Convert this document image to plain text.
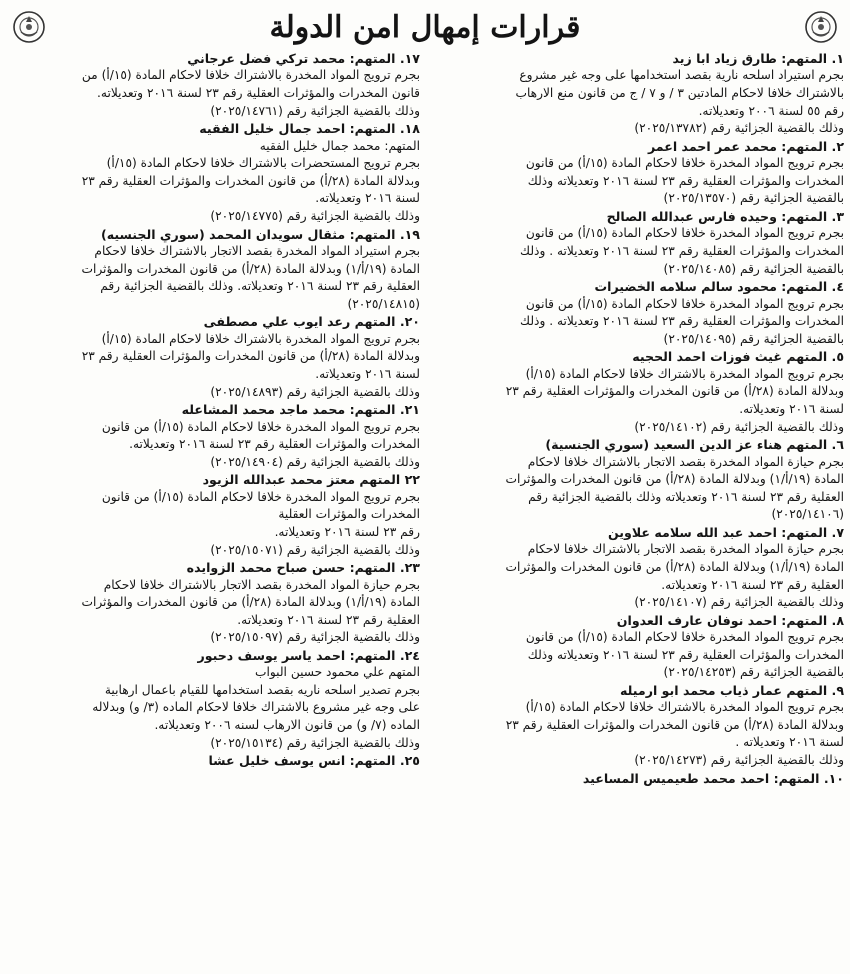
قرارات إمهال امن الدولة
١. المتهم: طارق زياد ابا زيد
بجرم استيراد اسلحه نارية بقصد استخدامها على وجه غير مشروع
بالاشتراك خلافا لاحكام المادتين ٣ / و ٧ / ج من قانون منع الارهاب
رقم ٥٥ لسنة ٢٠٠٦ وتعديلاته.
وذلك بالقضية الجزائية رقم (٢٠٢٥/١٣٧٨٢)
٢. المتهم: محمد عمر احمد اعمر
بجرم ترويج المواد المخدرة خلافا لاحكام المادة (١٥/أ) من قانون
المخدرات والمؤثرات العقلية رقم ٢٣ لسنة ٢٠١٦ وتعديلاته وذلك
بالقضية الجزائية رقم (٢٠٢٥/١٣٥٧٠)
٣. المتهم: وحيده فارس عبدالله الصالح
بجرم ترويج المواد المخدرة خلافا لاحكام المادة (١٥/أ) من قانون
المخدرات والمؤثرات العقلية رقم ٢٣ لسنة ٢٠١٦ وتعديلاته . وذلك
بالقضية الجزائية رقم (٢٠٢٥/١٤٠٨٥)
٤. المتهم: محمود سالم سلامه الخضيرات
بجرم ترويج المواد المخدرة خلافا لاحكام المادة (١٥/أ) من قانون
المخدرات والمؤثرات العقلية رقم ٢٣ لسنة ٢٠١٦ وتعديلاته . وذلك
بالقضية الجزائية رقم (٢٠٢٥/١٤٠٩٥)
٥. المتهم غيث فوزات احمد الحجيه
بجرم ترويج المواد المخدرة بالاشتراك خلافا لاحكام المادة (١٥/أ)
وبدلالة المادة (٢٨/أ) من قانون المخدرات والمؤثرات العقلية رقم ٢٣
لسنة ٢٠١٦ وتعديلاته.
وذلك بالقضية الجزائية رقم (٢٠٢٥/١٤١٠٢)
٦. المتهم هناء عز الدين السعيد (سوري الجنسية)
بجرم حيازة المواد المخدرة بقصد الاتجار بالاشتراك خلافا لاحكام
المادة (١٩/أ/١) وبدلالة المادة (٢٨/أ) من قانون المخدرات والمؤثرات
العقلية رقم ٢٣ لسنة ٢٠١٦ وتعديلاته وذلك بالقضية الجزائية رقم
(٢٠٢٥/١٤١٠٦)
٧. المتهم: احمد عبد الله سلامه علاوين
بجرم حيازة المواد المخدرة بقصد الاتجار بالاشتراك خلافا لاحكام
المادة (١٩/أ/١) وبدلالة المادة (٢٨/أ) من قانون المخدرات والمؤثرات
العقلية رقم ٢٣ لسنة ٢٠١٦ وتعديلاته.
وذلك بالقضية الجزائية رقم (٢٠٢٥/١٤١٠٧)
٨. المتهم: احمد نوفان عارف العدوان
بجرم ترويج المواد المخدرة خلافا لاحكام المادة (١٥/أ) من قانون
المخدرات والمؤثرات العقلية رقم ٢٣ لسنة ٢٠١٦ وتعديلاته وذلك
بالقضية الجزائية رقم (٢٠٢٥/١٤٢٥٣)
٩. المتهم عمار ذياب محمد ابو ارميله
بجرم ترويج المواد المخدرة بالاشتراك خلافا لاحكام المادة (١٥/أ)
وبدلالة المادة (٢٨/أ) من قانون المخدرات والمؤثرات العقلية رقم ٢٣
لسنة ٢٠١٦ وتعديلاته .
وذلك بالقضية الجزائية رقم (٢٠٢٥/١٤٢٧٣)
١٠. المتهم: احمد محمد طعيميس المساعيد
١٧. المتهم: محمد تركي فضل عرجاني
بجرم ترويج المواد المخدرة بالاشتراك خلافا لاحكام المادة (١٥/أ) من
قانون المخدرات والمؤثرات العقلية رقم ٢٣ لسنة ٢٠١٦ وتعديلاته.
وذلك بالقضية الجزائية رقم (٢٠٢٥/١٤٧٦١)
١٨. المتهم: احمد جمال خليل الفقيه
المتهم: محمد جمال خليل الفقيه
بجرم ترويج المستحضرات بالاشتراك خلافا لاحكام المادة (١٥/أ)
وبدلالة المادة (٢٨/أ) من قانون المخدرات والمؤثرات العقلية رقم ٢٣
لسنة ٢٠١٦ وتعديلاته.
وذلك بالقضية الجزائية رقم (٢٠٢٥/١٤٧٧٥)
١٩. المتهم: مثقال سويدان المحمد (سوري الجنسيه)
بجرم استيراد المواد المخدرة بقصد الاتجار بالاشتراك خلافا لاحكام
المادة (١٩/أ/١) وبدلالة المادة (٢٨/أ) من قانون المخدرات والمؤثرات
العقلية رقم ٢٣ لسنة ٢٠١٦ وتعديلاته. وذلك بالقضية الجزائية رقم
(٢٠٢٥/١٤٨١٥)
٢٠. المتهم رعد ايوب علي مصطفى
بجرم ترويج المواد المخدرة بالاشتراك خلافا لاحكام المادة (١٥/أ)
وبدلالة المادة (٢٨/أ) من قانون المخدرات والمؤثرات العقلية رقم ٢٣
لسنة ٢٠١٦ وتعديلاته.
وذلك بالقضية الجزائية رقم (٢٠٢٥/١٤٨٩٣)
٢١. المتهم: محمد ماجد محمد المشاعله
بجرم ترويج المواد المخدرة خلافا لاحكام المادة (١٥/أ) من قانون
المخدرات والمؤثرات العقلية رقم ٢٣ لسنة ٢٠١٦ وتعديلاته.
وذلك بالقضية الجزائية رقم (٢٠٢٥/١٤٩٠٤)
٢٢ المتهم معتز محمد عبدالله الزيود
بجرم ترويج المواد المخدرة خلافا لاحكام المادة (١٥/أ) من قانون
المخدرات والمؤثرات العقلية
رقم ٢٣ لسنة ٢٠١٦ وتعديلاته.
وذلك بالقضية الجزائية رقم (٢٠٢٥/١٥٠٧١)
٢٣. المتهم: حسن صباح محمد الزوايده
بجرم حيازة المواد المخدرة بقصد الاتجار بالاشتراك خلافا لاحكام
المادة (١٩/أ/١) وبدلالة المادة (٢٨/أ) من قانون المخدرات والمؤثرات
العقلية رقم ٢٣ لسنة ٢٠١٦ وتعديلاته.
وذلك بالقضية الجزائية رقم (٢٠٢٥/١٥٠٩٧)
٢٤. المتهم: احمد ياسر يوسف دحبور
المتهم علي محمود حسين البواب
بجرم تصدير اسلحه ناريه بقصد استخدامها للقيام باعمال ارهابية
على وجه غير مشروع بالاشتراك خلافا لاحكام الماده (٣/ و) وبدلاله
الماده (٧/ و) من قانون الارهاب لسنه ٢٠٠٦ وتعديلاته.
وذلك بالقضية الجزائية رقم (٢٠٢٥/١٥١٣٤)
٢٥. المتهم: انس يوسف خليل عشا
